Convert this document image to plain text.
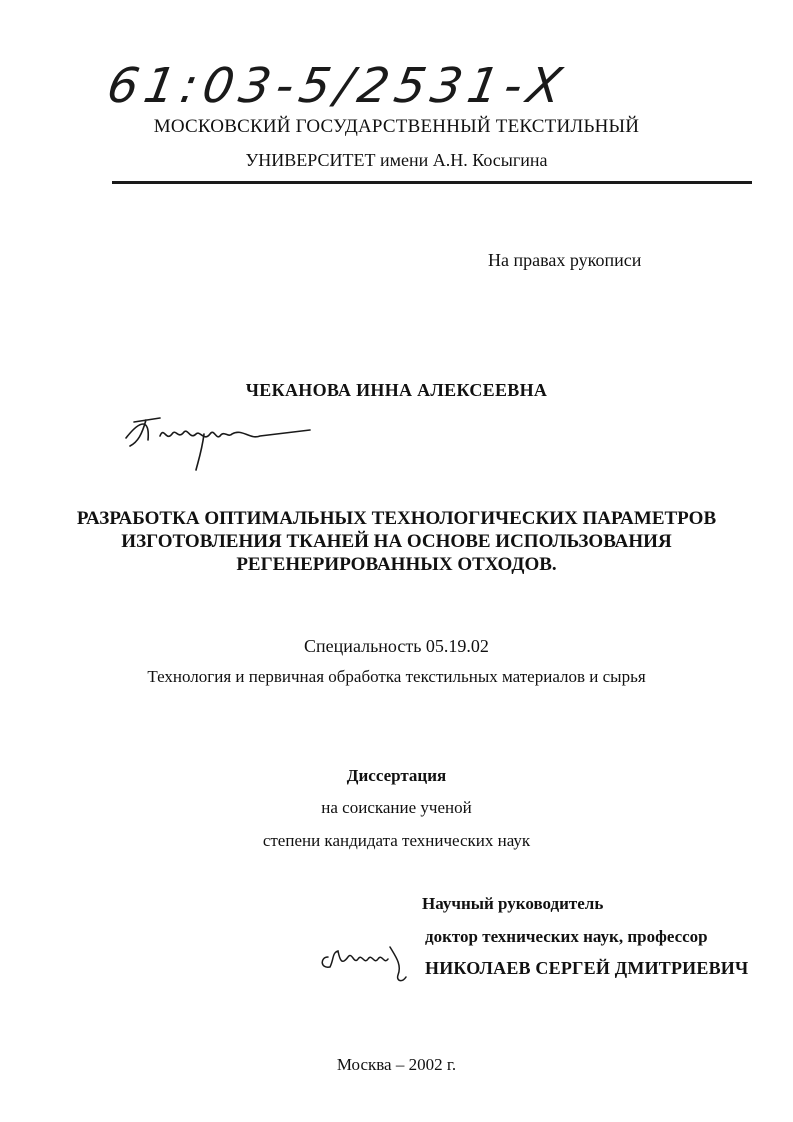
61:03-5/2531-Х
МОСКОВСКИЙ ГОСУДАРСТВЕННЫЙ ТЕКСТИЛЬНЫЙ
УНИВЕРСИТЕТ имени А.Н. Косыгина
На правах рукописи
ЧЕКАНОВА ИННА АЛЕКСЕЕВНА
РАЗРАБОТКА ОПТИМАЛЬНЫХ ТЕХНОЛОГИЧЕСКИХ ПАРАМЕТРОВ
ИЗГОТОВЛЕНИЯ ТКАНЕЙ НА ОСНОВЕ ИСПОЛЬЗОВАНИЯ
РЕГЕНЕРИРОВАННЫХ ОТХОДОВ.
Специальность 05.19.02
Технология и первичная обработка текстильных материалов и сырья
Диссертация
на соискание ученой
степени кандидата технических наук
Научный руководитель
доктор технических наук, профессор
НИКОЛАЕВ СЕРГЕЙ ДМИТРИЕВИЧ
Москва – 2002 г.
